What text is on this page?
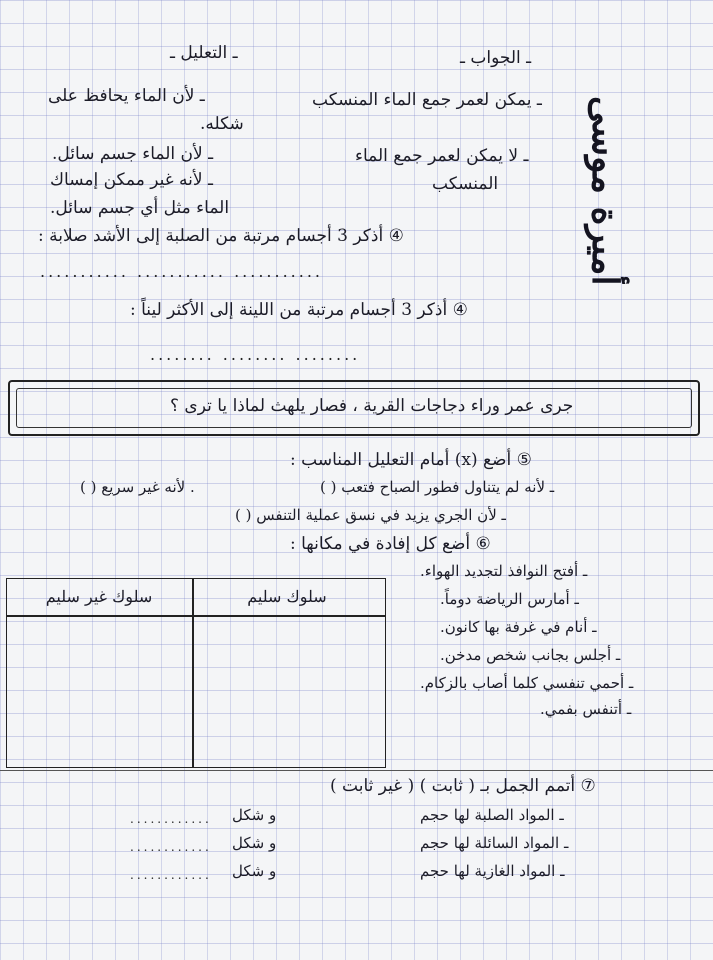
ـ الجواب ـ
ـ التعليل ـ
أميرة موسى
ـ يمكن لعمر جمع الماء المنسكب
ـ لا يمكن لعمر جمع الماء
المنسكب
ـ لأن الماء يحافظ على
شكله.
ـ لأن الماء جسم سائل.
ـ لأنه غير ممكن إمساك
الماء مثل أي جسم سائل.
④ أذكر 3 أجسام مرتبة من الصلبة إلى الأشد صلابة :
........... ........... ...........
④ أذكر 3 أجسام مرتبة من اللينة إلى الأكثر ليناً :
........ ........ ........
جرى عمر وراء دجاجات القرية ، فصار يلهث لماذا يا ترى ؟
⑤ أضع (x) أمام التعليل المناسب :
ـ لأنه لم يتناول فطور الصباح فتعب ( )
. لأنه غير سريع ( )
ـ لأن الجري يزيد في نسق عملية التنفس ( )
⑥ أضع كل إفادة في مكانها :
سلوك سليم
سلوك غير سليم
ـ أفتح النوافذ لتجديد الهواء.
ـ أمارس الرياضة دوماً.
ـ أنام في غرفة بها كانون.
ـ أجلس بجانب شخص مدخن.
ـ أحمي تنفسي كلما أصاب بالزكام.
ـ أتنفس بفمي.
⑦ أتمم الجمل بـ ( ثابت ) ( غير ثابت )
ـ المواد الصلبة لها حجم
و شكل
............
ـ المواد السائلة لها حجم
و شكل
............
ـ المواد الغازية لها حجم
و شكل
............
